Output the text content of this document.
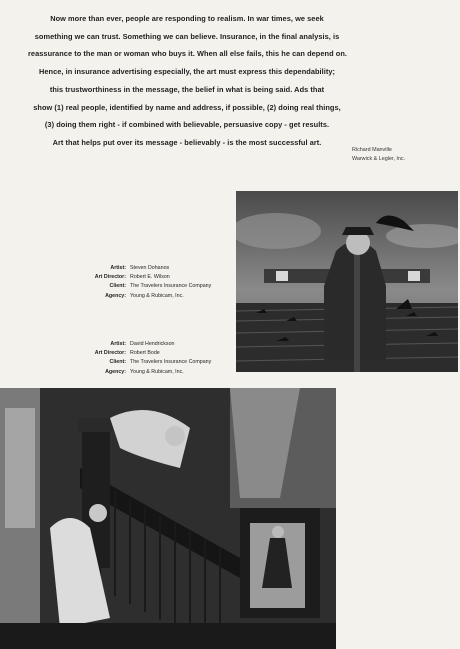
Now more than ever, people are responding to realism. In war times, we seek

something we can trust. Something we can believe. Insurance, in the final analysis, is

reassurance to the man or woman who buys it. When all else fails, this he can depend on.

Hence, in insurance advertising especially, the art must express this dependability;

this trustworthiness in the message, the belief in what is being said. Ads that

show (1) real people, identified by name and address, if possible, (2) doing real things,

(3) doing them right - if combined with believable, persuasive copy - get results.

Art that helps put over its message - believably - is the most successful art.

Richard Manville
Warwick & Legler, Inc.
Artist: Steven Dohanos
Art Director: Robert E. Wilson
Client: The Travelers Insurance Company
Agency: Young & Rubicam, Inc.
Artist: David Hendrickson
Art Director: Robert Bode
Client: The Travelers Insurance Company
Agency: Young & Rubicam, Inc.
